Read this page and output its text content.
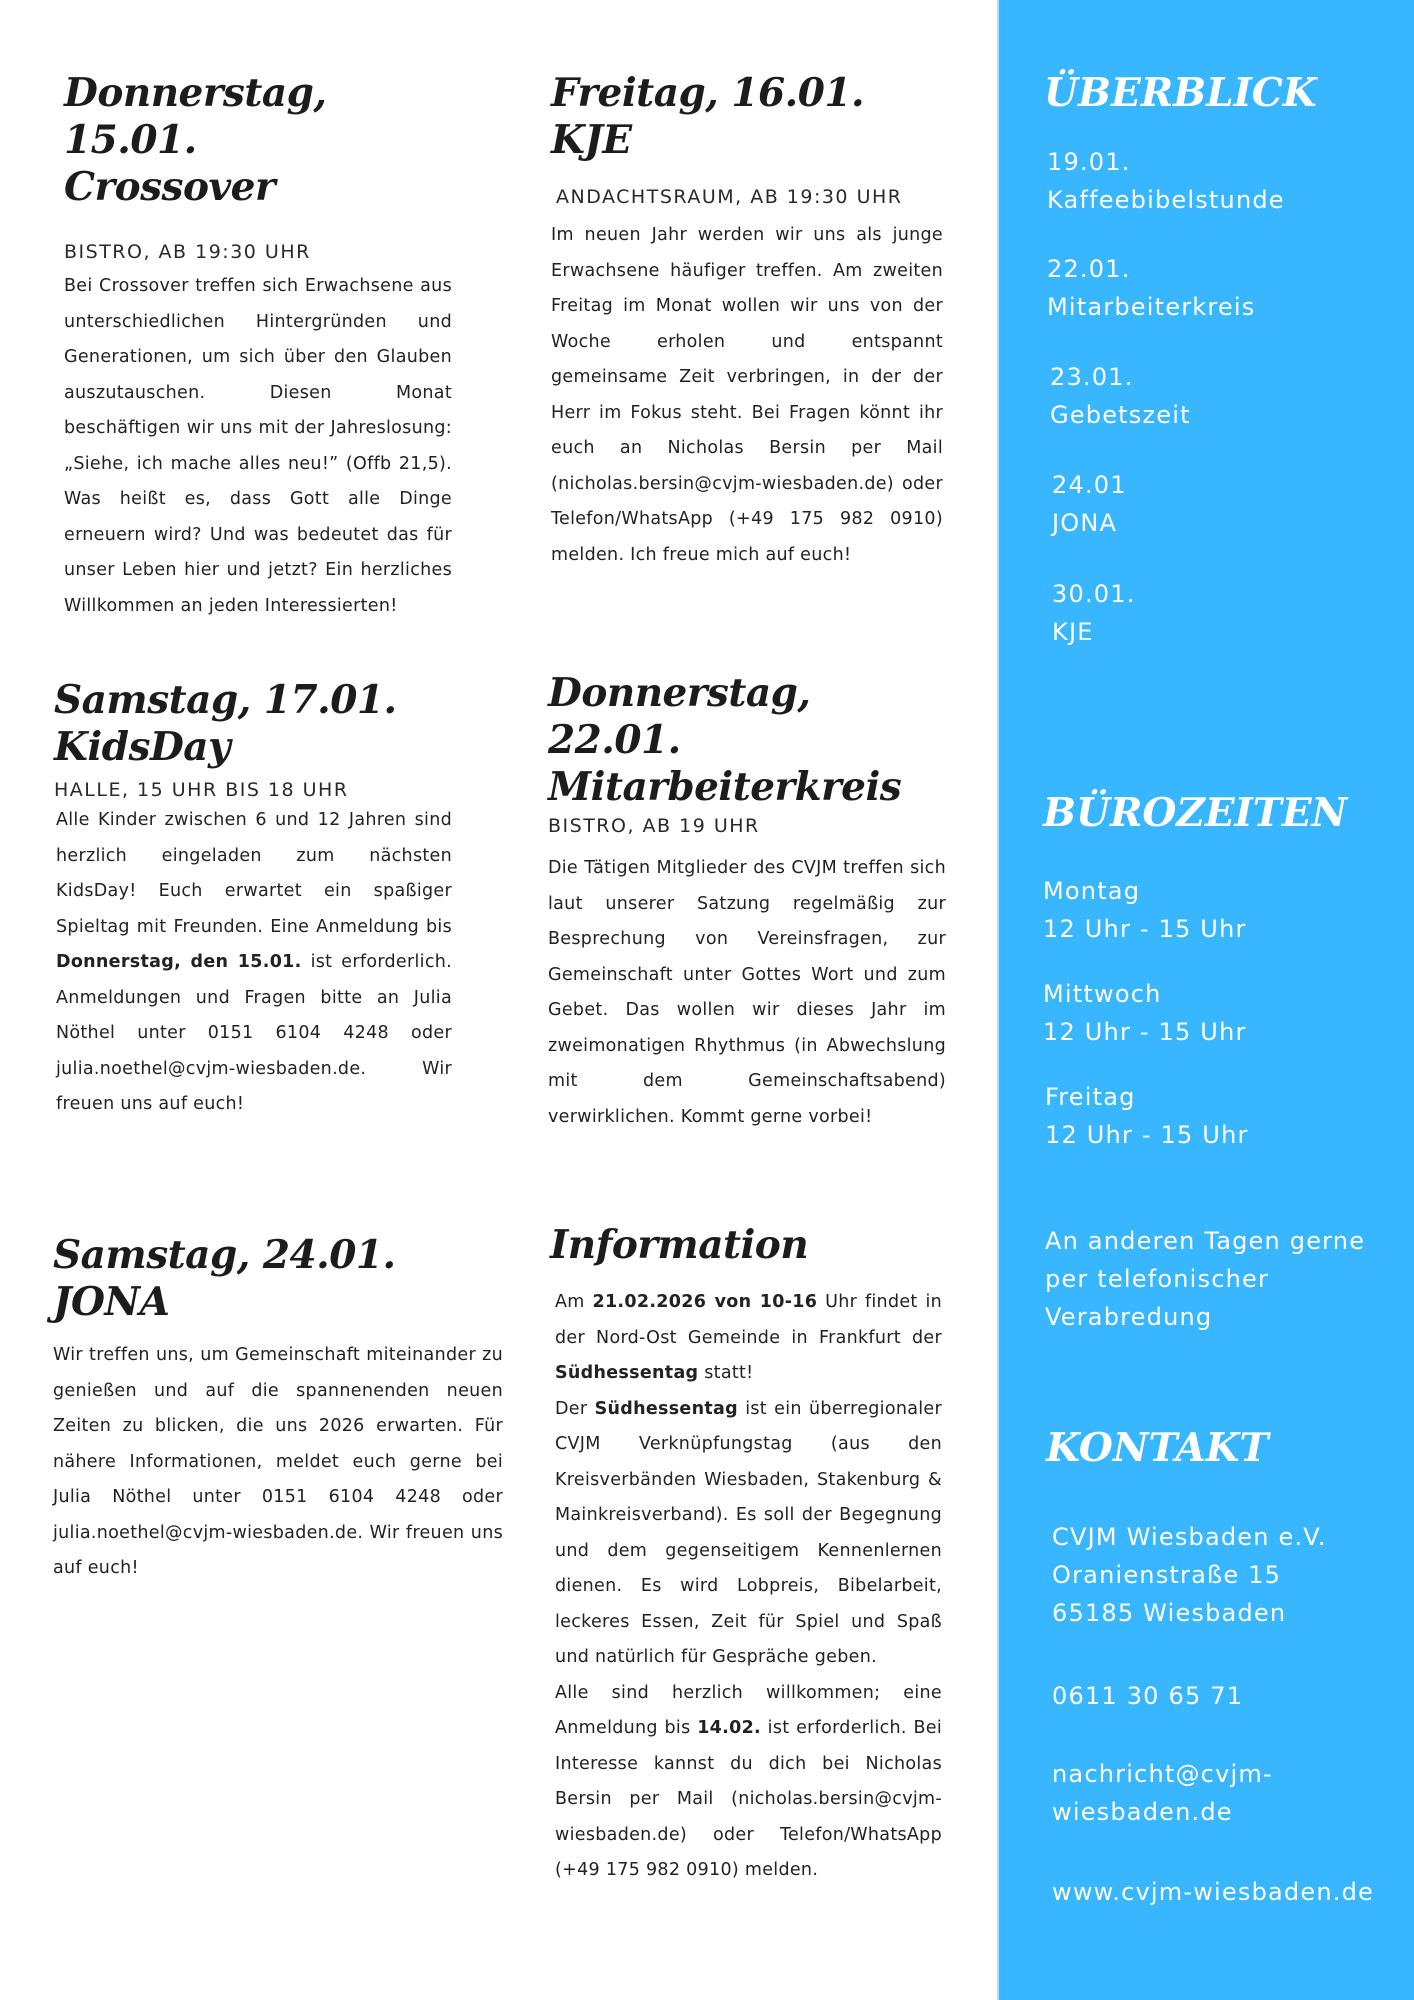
Donnerstag, 15.01.
Crossover
BISTRO, AB 19:30 UHR
Bei Crossover treffen sich Erwachsene aus unterschiedlichen Hintergründen und Generationen, um sich über den Glauben auszutauschen. Diesen Monat beschäftigen wir uns mit der Jahreslosung: „Siehe, ich mache alles neu!” (Offb 21,5). Was heißt es, dass Gott alle Dinge erneuern wird? Und was bedeutet das für unser Leben hier und jetzt? Ein herzliches Willkommen an jeden Interessierten!
Freitag, 16.01.
KJE
ANDACHTSRAUM, AB 19:30 UHR
Im neuen Jahr werden wir uns als junge Erwachsene häufiger treffen. Am zweiten Freitag im Monat wollen wir uns von der Woche erholen und entspannt gemeinsame Zeit verbringen, in der der Herr im Fokus steht. Bei Fragen könnt ihr euch an Nicholas Bersin per Mail (nicholas.bersin@cvjm-wiesbaden.de) oder Telefon/WhatsApp (+49 175 982 0910) melden. Ich freue mich auf euch!
Samstag, 17.01.
KidsDay
HALLE, 15 UHR BIS 18 UHR
Alle Kinder zwischen 6 und 12 Jahren sind herzlich eingeladen zum nächsten KidsDay! Euch erwartet ein spaßiger Spieltag mit Freunden. Eine Anmeldung bis Donnerstag, den 15.01. ist erforderlich. Anmeldungen und Fragen bitte an Julia Nöthel unter 0151 6104 4248 oder julia.noethel@cvjm-wiesbaden.de. Wir freuen uns auf euch!
Donnerstag, 22.01.
Mitarbeiterkreis
BISTRO, AB 19 UHR
Die Tätigen Mitglieder des CVJM treffen sich laut unserer Satzung regelmäßig zur Besprechung von Vereinsfragen, zur Gemeinschaft unter Gottes Wort und zum Gebet. Das wollen wir dieses Jahr im zweimonatigen Rhythmus (in Abwechslung mit dem Gemeinschaftsabend) verwirklichen. Kommt gerne vorbei!
Samstag, 24.01.
JONA
Wir treffen uns, um Gemeinschaft miteinander zu genießen und auf die spannenenden neuen Zeiten zu blicken, die uns 2026 erwarten. Für nähere Informationen, meldet euch gerne bei Julia Nöthel unter 0151 6104 4248 oder julia.noethel@cvjm-wiesbaden.de. Wir freuen uns auf euch!
Information

Am 21.02.2026 von 10-16 Uhr findet in der Nord-Ost Gemeinde in Frankfurt der Südhessentag statt!

Der Südhessentag ist ein überregionaler CVJM Verknüpfungstag (aus den Kreisverbänden Wiesbaden, Stakenburg & Mainkreisverband). Es soll der Begegnung und dem gegenseitigem Kennenlernen dienen. Es wird Lobpreis, Bibelarbeit, leckeres Essen, Zeit für Spiel und Spaß und natürlich für Gespräche geben.

Alle sind herzlich willkommen; eine Anmeldung bis 14.02. ist erforderlich. Bei Interesse kannst du dich bei Nicholas Bersin per Mail (nicholas.bersin@cvjm-wiesbaden.de) oder Telefon/WhatsApp (+49 175 982 0910) melden.

ÜBERBLICK
19.01.
Kaffeebibelstunde
22.01.
Mitarbeiterkreis
23.01.
Gebetszeit
24.01
JONA
30.01.
KJE
BÜROZEITEN
Montag
12 Uhr - 15 Uhr
Mittwoch
12 Uhr - 15 Uhr
Freitag
12 Uhr - 15 Uhr
An anderen Tagen gerne per telefonischer Verabredung
KONTAKT
CVJM Wiesbaden e.V.
Oranienstraße 15
65185 Wiesbaden
0611 30 65 71
nachricht@cvjm-
wiesbaden.de
www.cvjm-wiesbaden.de
